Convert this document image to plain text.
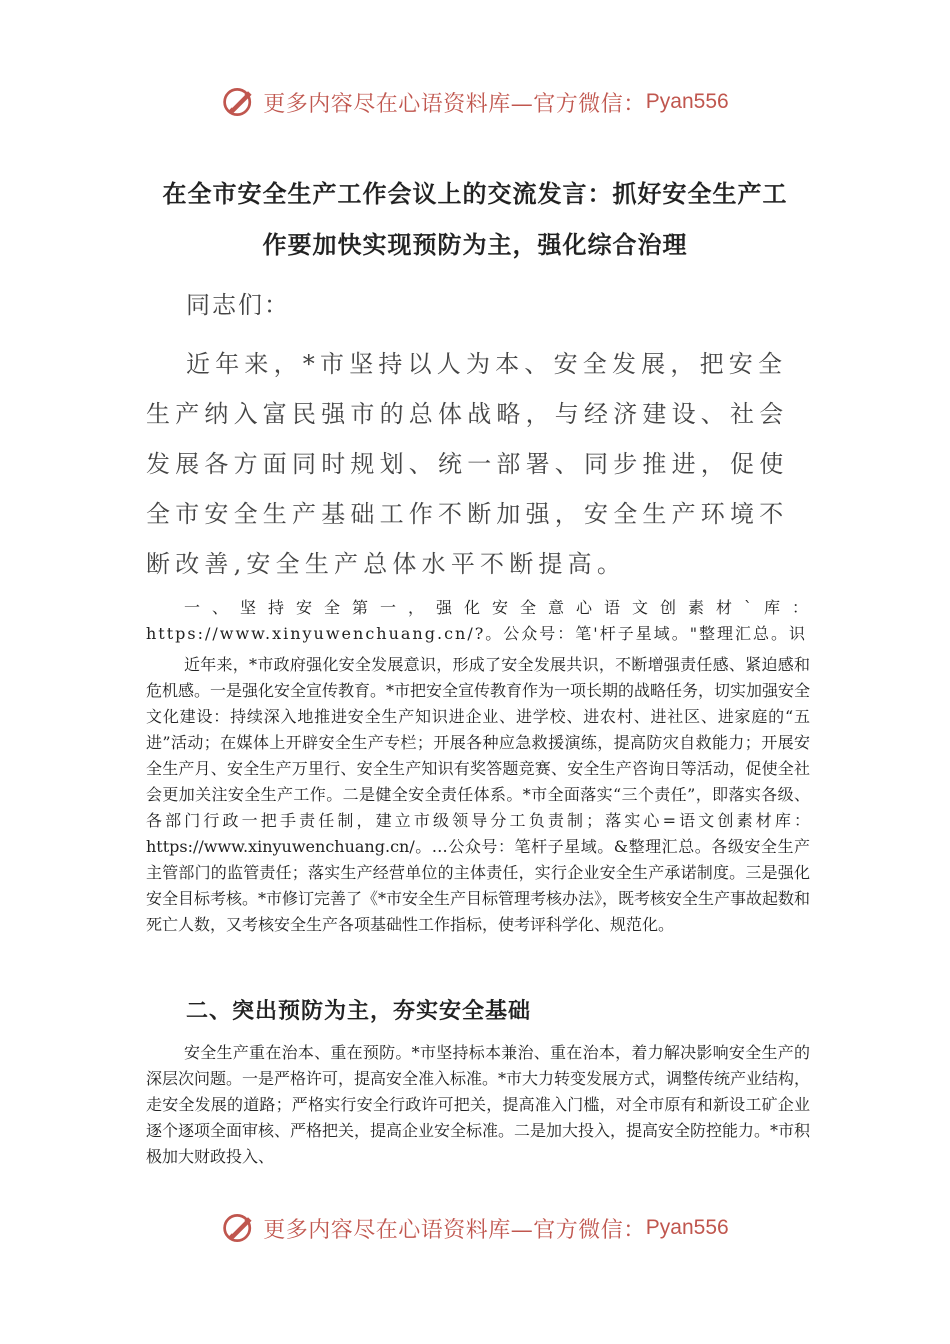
更多内容尽在心语资料库—官方微信： Pyan556
在全市安全生产工作会议上的交流发言：抓好安全生产工
作要加快实现预防为主，强化综合治理
同志们：

近年来，*市坚持以人为本、安全发展，把安全生产纳入富民强市的总体战略，与经济建设、社会发展各方面同时规划、统一部署、同步推进，促使全市安全生产基础工作不断加强，安全生产环境不断改善,安全生产总体水平不断提高。

一、坚持安全第一，强化安全意心语文创素材`库：https://www.xinyuwenchuang.cn/?。公众号：笔'杆子星域。"整理汇总。识

近年来，*市政府强化安全发展意识，形成了安全发展共识，不断增强责任感、紧迫感和危机感。一是强化安全宣传教育。*市把安全宣传教育作为一项长期的战略任务，切实加强安全文化建设：持续深入地推进安全生产知识进企业、进学校、进农村、进社区、进家庭的“五进”活动；在媒体上开辟安全生产专栏；开展各种应急救援演练，提高防灾自救能力；开展安全生产月、安全生产万里行、安全生产知识有奖答题竞赛、安全生产咨询日等活动，促使全社会更加关注安全生产工作。二是健全安全责任体系。*市全面落实“三个责任”，即落实各级、各部门行政一把手责任制，建立市级领导分工负责制；落实心=语文创素材库：https://www.xinyuwenchuang.cn/。…公众号：笔杆子星域。&整理汇总。各级安全生产主管部门的监管责任；落实生产经营单位的主体责任，实行企业安全生产承诺制度。三是强化安全目标考核。*市修订完善了《*市安全生产目标管理考核办法》，既考核安全生产事故起数和死亡人数，又考核安全生产各项基础性工作指标，使考评科学化、规范化。

二、突出预防为主，夯实安全基础

安全生产重在治本、重在预防。*市坚持标本兼治、重在治本，着力解决影响安全生产的深层次问题。一是严格许可，提高安全准入标准。*市大力转变发展方式，调整传统产业结构，走安全发展的道路；严格实行安全行政许可把关，提高准入门槛，对全市原有和新设工矿企业逐个逐项全面审核、严格把关，提高企业安全标准。二是加大投入，提高安全防控能力。*市积极加大财政投入、

更多内容尽在心语资料库—官方微信： Pyan556
